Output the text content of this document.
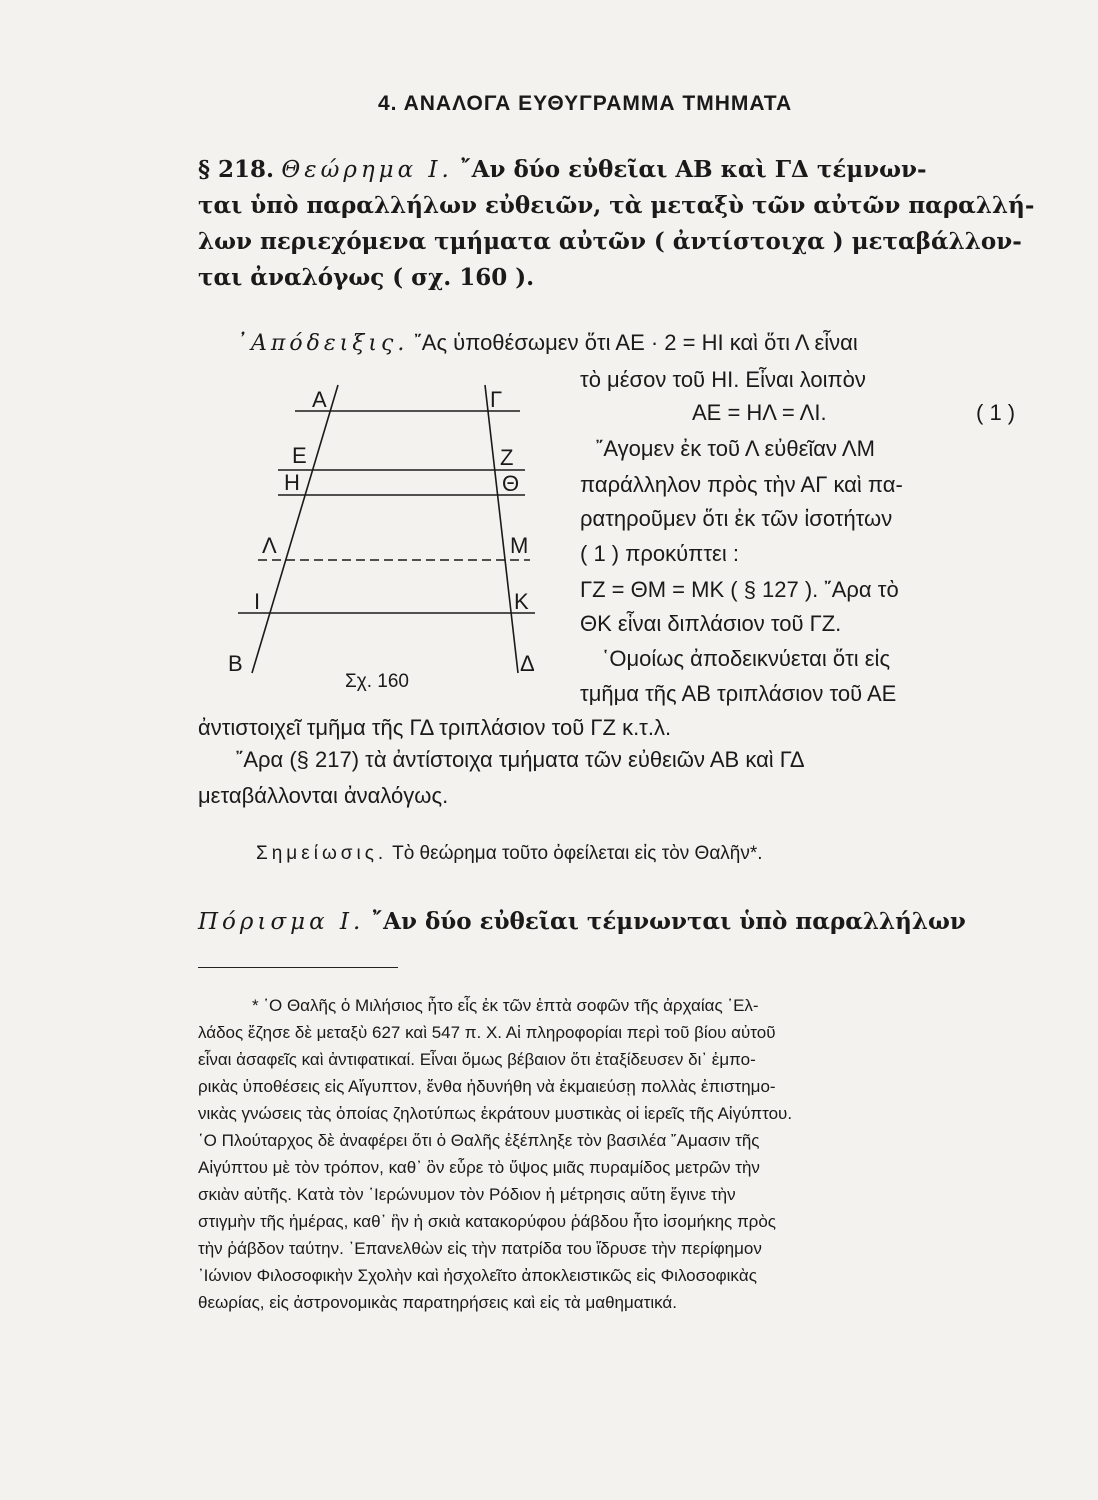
4. ΑΝΑΛΟΓΑ ΕΥΘΥΓΡΑΜΜΑ ΤΜΗΜΑΤΑ
§ 218. Θεώρημα Ι. ῎Αν δύο εὐθεῖαι ΑΒ καὶ ΓΔ τέμνων-
ται ὑπὸ παραλλήλων εὐθειῶν, τὰ μεταξὺ τῶν αὐτῶν παραλλή-
λων περιεχόμενα τμήματα αὐτῶν ( ἀντίστοιχα ) μεταβάλλον-
ται ἀναλόγως ( σχ. 160 ).
᾿Απόδειξις. ῎Ας ὑποθέσωμεν ὅτι ΑΕ · 2 = ΗΙ καὶ ὅτι Λ εἶναι
τὸ μέσον τοῦ ΗΙ. Εἶναι λοιπὸν
ΑΕ = ΗΛ = ΛΙ.	( 1 )
῎Αγομεν ἐκ τοῦ Λ εὐθεῖαν ΛΜ
παράλληλον πρὸς τὴν ΑΓ καὶ πα-
ρατηροῦμεν ὅτι ἐκ τῶν ἰσοτήτων
( 1 ) προκύπτει :
ΓΖ = ΘΜ = ΜΚ ( § 127 ). ῎Αρα τὸ
ΘΚ εἶναι διπλάσιον τοῦ ΓΖ.
῾Ομοίως ἀποδεικνύεται ὅτι εἰς
τμῆμα τῆς ΑΒ τριπλάσιον τοῦ ΑΕ
ἀντιστοιχεῖ τμῆμα τῆς ΓΔ τριπλάσιον τοῦ ΓΖ κ.τ.λ.
῎Αρα (§ 217) τὰ ἀντίστοιχα τμήματα τῶν εὐθειῶν ΑΒ καὶ ΓΔ
μεταβάλλονται ἀναλόγως.
Α
Ε
Η
Λ
Ι
Β
Γ
Ζ
Θ
Μ
Κ
Δ
Σχ. 160
Σημείωσις. Τὸ θεώρημα τοῦτο ὀφείλεται εἰς τὸν Θαλῆν*.
Πόρισμα Ι. ῎Αν δύο εὐθεῖαι τέμνωνται ὑπὸ παραλλήλων
* ῾Ο Θαλῆς ὁ Μιλήσιος ἦτο εἷς ἐκ τῶν ἑπτὰ σοφῶν τῆς ἀρχαίας ῾Ελ-
λάδος ἔζησε δὲ μεταξὺ 627 καὶ 547 π. Χ. Αἱ πληροφορίαι περὶ τοῦ βίου αὐτοῦ
εἶναι ἀσαφεῖς καὶ ἀντιφατικαί. Εἶναι ὅμως βέβαιον ὅτι ἐταξίδευσεν δι᾿ ἐμπο-
ρικὰς ὑποθέσεις εἰς Αἴγυπτον, ἔνθα ἠδυνήθη νὰ ἐκμαιεύσῃ πολλὰς ἐπιστημο-
νικὰς γνώσεις τὰς ὁποίας ζηλοτύπως ἐκράτουν μυστικὰς οἱ ἱερεῖς τῆς Αἰγύπτου.
῾Ο Πλούταρχος δὲ ἀναφέρει ὅτι ὁ Θαλῆς ἐξέπληξε τὸν βασιλέα ῎Αμασιν τῆς
Αἰγύπτου μὲ τὸν τρόπον, καθ᾿ ὃν εὗρε τὸ ὕψος μιᾶς πυραμίδος μετρῶν τὴν
σκιὰν αὐτῆς. Κατὰ τὸν ῾Ιερώνυμον τὸν Ρόδιον ἡ μέτρησις αὕτη ἔγινε τὴν
στιγμὴν τῆς ἡμέρας, καθ᾿ ἣν ἡ σκιὰ κατακορύφου ῥάβδου ἦτο ἰσομήκης πρὸς
τὴν ῥάβδον ταύτην. ᾿Επανελθὼν εἰς τὴν πατρίδα του ἵδρυσε τὴν περίφημον
᾿Ιώνιον Φιλοσοφικὴν Σχολὴν καὶ ἠσχολεῖτο ἀποκλειστικῶς εἰς Φιλοσοφικὰς
θεωρίας, εἰς ἀστρονομικὰς παρατηρήσεις καὶ εἰς τὰ μαθηματικά.
